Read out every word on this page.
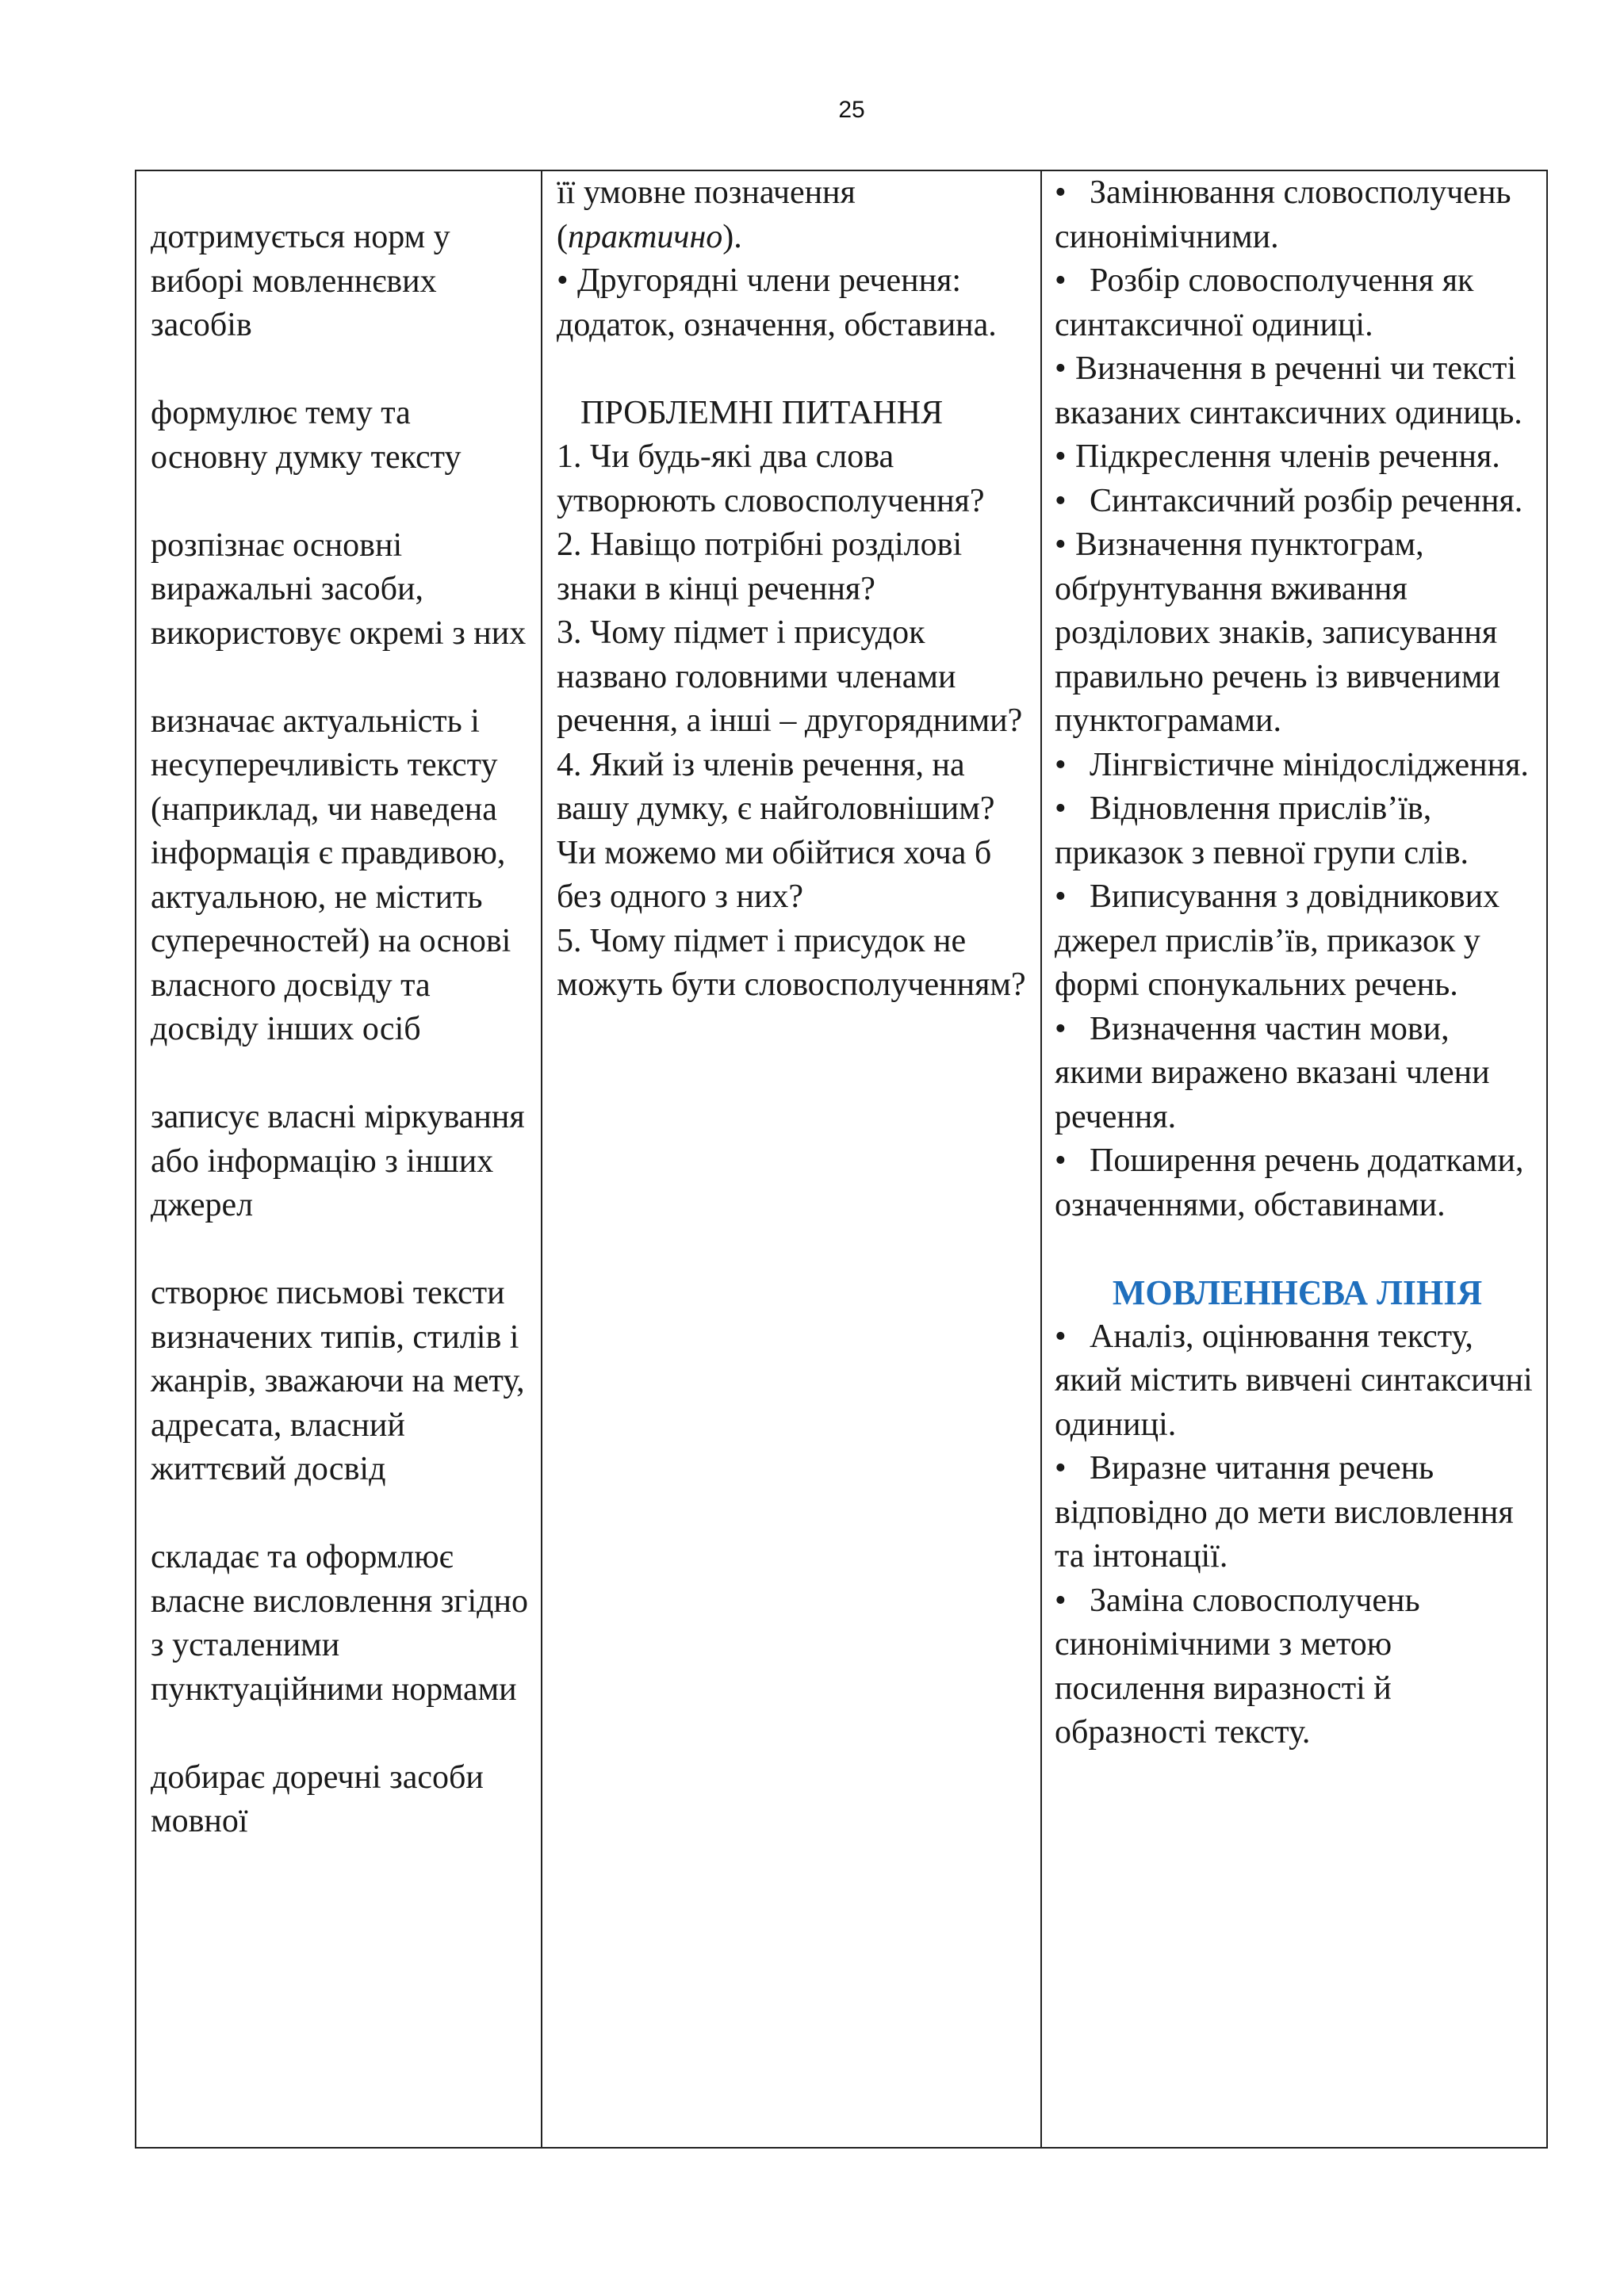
25

дотримується норм у виборі мовленнєвих засобів

формулює тему та основну думку тексту

розпізнає основні виражальні засоби, використовує окремі з них

визначає актуальність і несуперечливість тексту (наприклад, чи наведена інформація є правдивою, актуальною, не містить суперечностей) на основі власного досвіду та досвіду інших осіб

записує власні міркування або інформацію з інших джерел

створює письмові тексти визначених типів, стилів і жанрів, зважаючи на мету, адресата, власний життєвий досвід

складає та оформлює власне висловлення згідно з усталеними пунктуаційними нормами

добирає доречні засоби мовної

її умовне позначення
(практично).
• Другорядні члени речення: додаток, означення, обставина.
ПРОБЛЕМНІ ПИТАННЯ
1. Чи будь-які два слова утворюють словосполучення?
2. Навіщо потрібні розділові знаки в кінці речення?
3. Чому підмет і присудок названо головними членами речення, а інші – другорядними?
4. Який із членів речення, на вашу думку, є найголовнішим? Чи можемо ми обійтися хоча б без одного з них?
5. Чому підмет і присудок не можуть бути словосполученням?
• Замінювання словосполучень синонімічними.
• Розбір словосполучення як синтаксичної одиниці.
• Визначення в реченні чи тексті вказаних синтаксичних одиниць.
• Підкреслення членів речення.
• Синтаксичний розбір речення.
• Визначення пунктограм, обґрунтування вживання розділових знаків, записування правильно речень із вивченими пунктограмами.
• Лінгвістичне мінідослідження.
• Відновлення прислів’їв, приказок з певної групи слів.
• Виписування з довідникових джерел прислів’їв, приказок у формі спонукальних речень.
• Визначення частин мови, якими виражено вказані члени речення.
• Поширення речень додатками, означеннями, обставинами.
МОВЛЕННЄВА ЛІНІЯ
• Аналіз, оцінювання тексту, який містить вивчені синтаксичні одиниці.
• Виразне читання речень відповідно до мети висловлення та інтонації.
• Заміна словосполучень синонімічними з метою посилення виразності й образності тексту.
